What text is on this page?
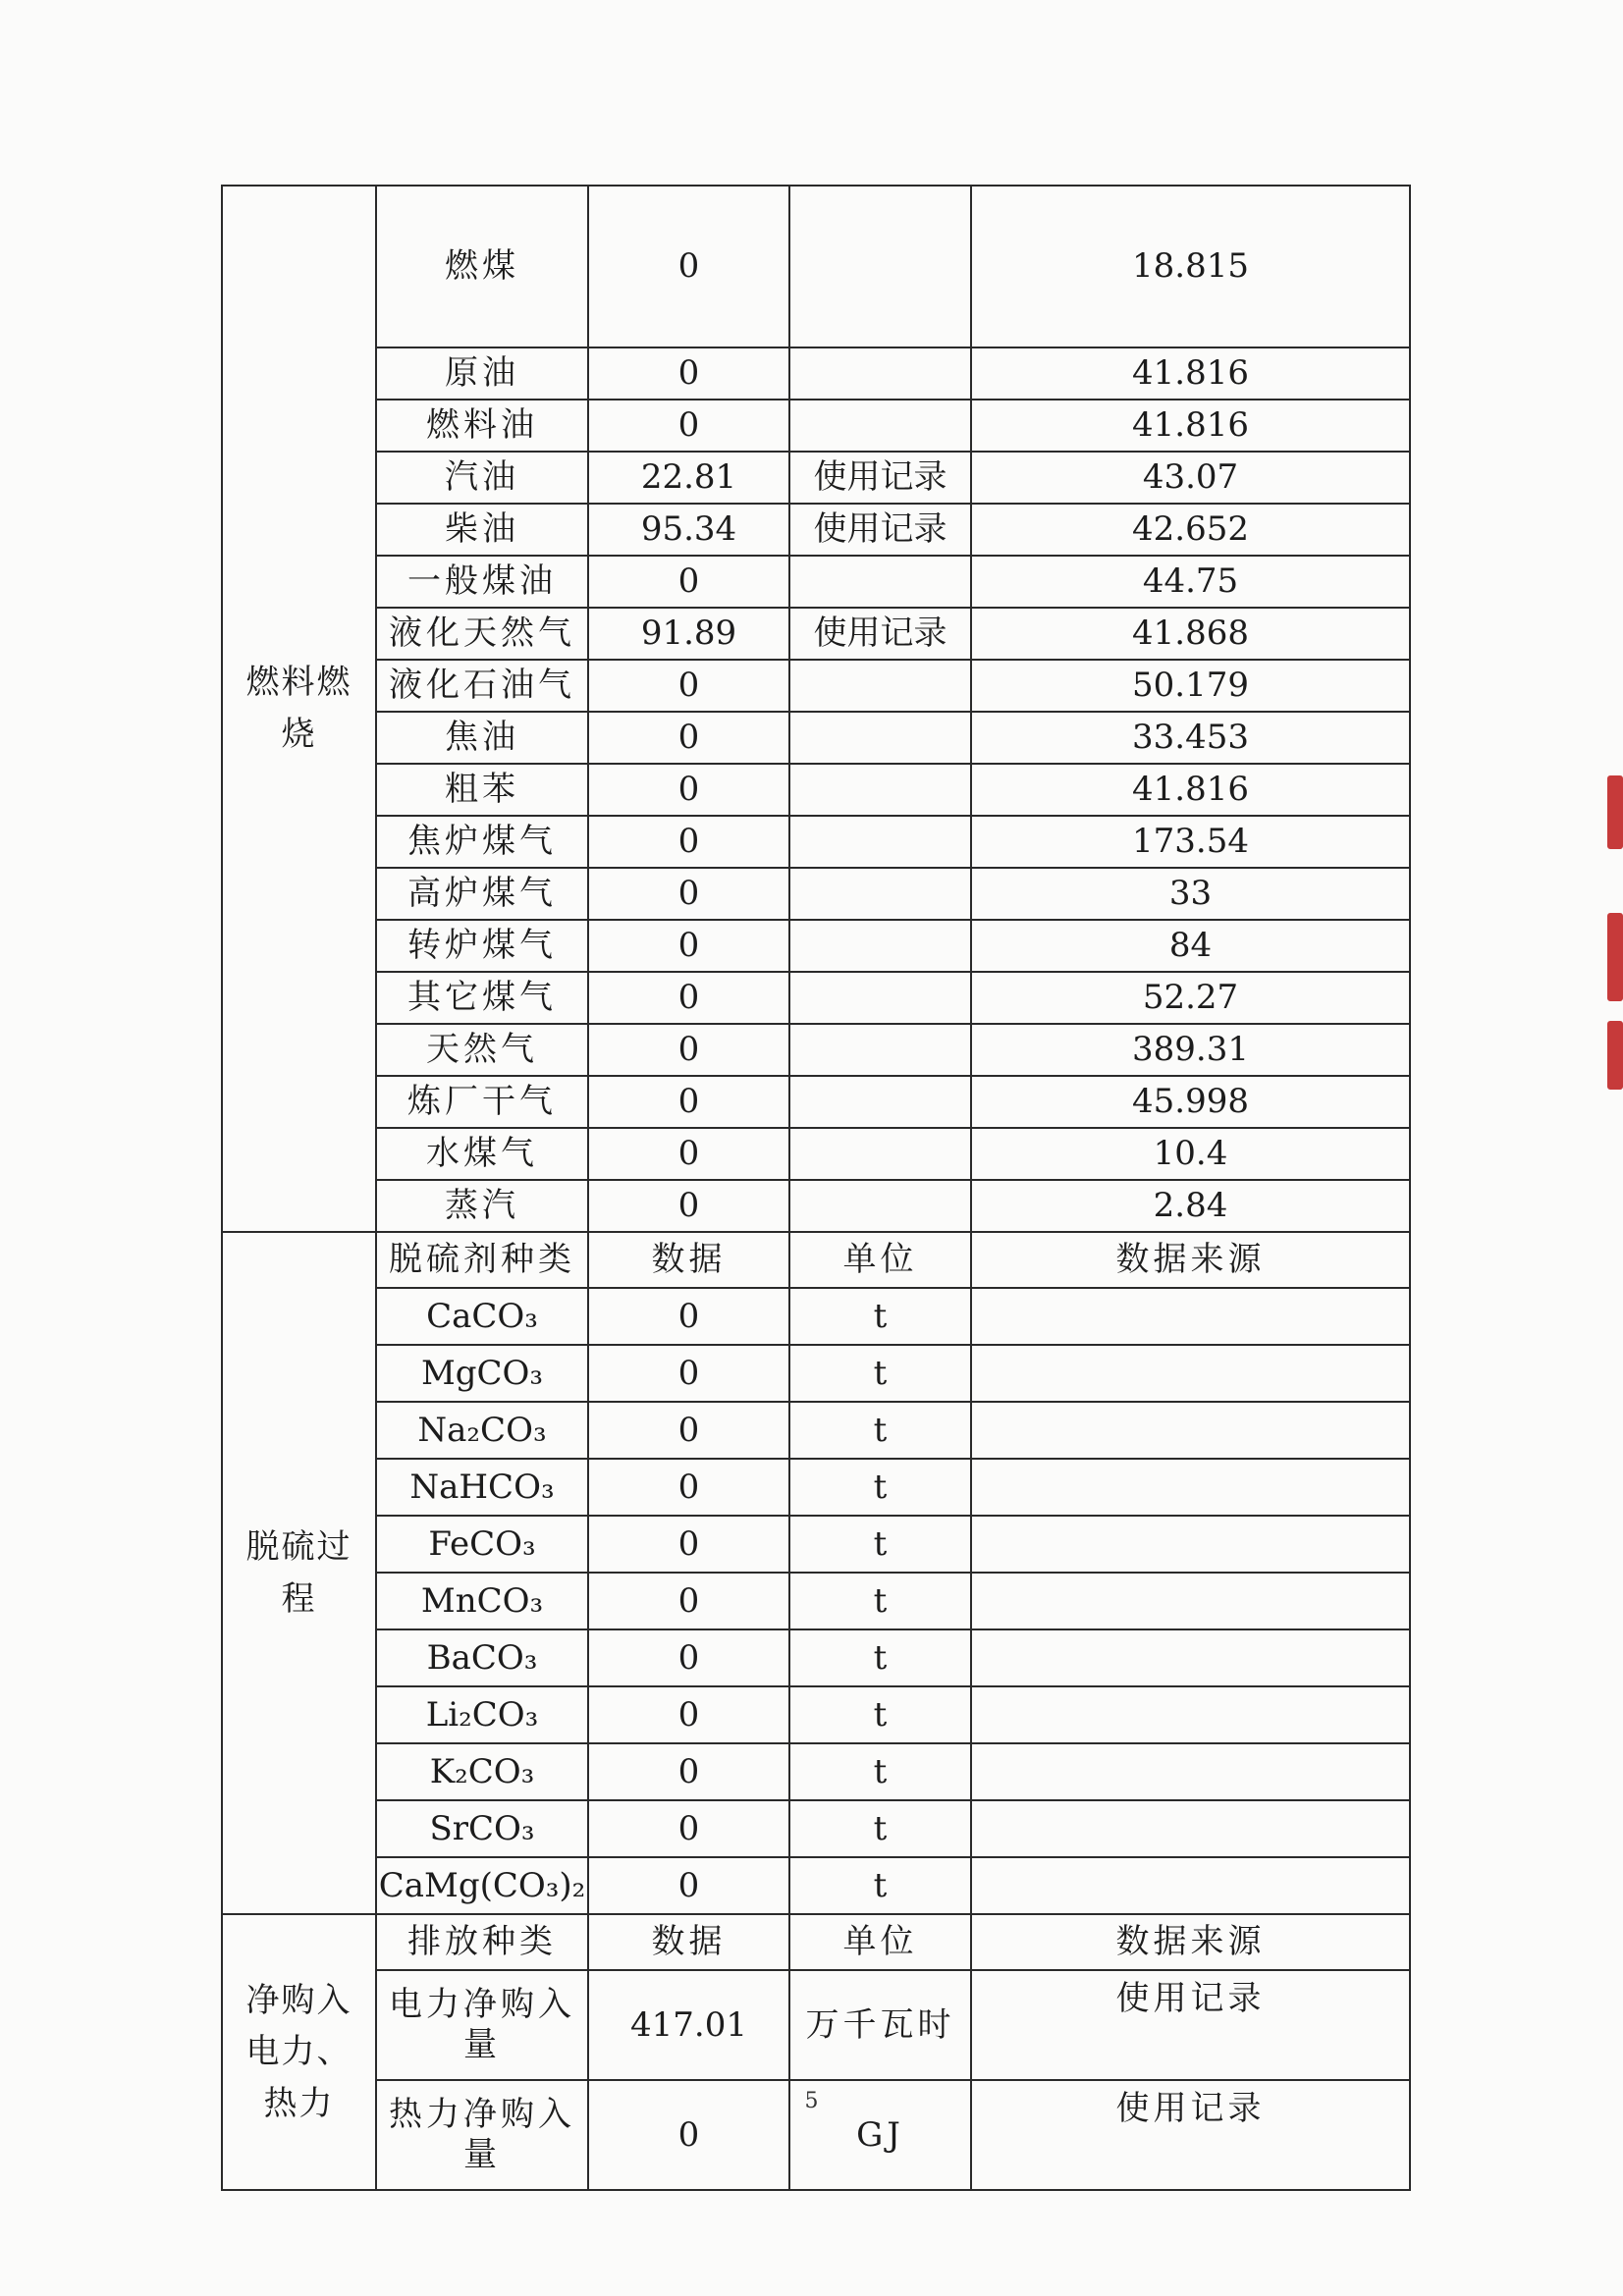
燃料燃
烧	燃煤	0		18.815	
	原油	0		41.816	
	燃料油	0		41.816	
	汽油	22.81	使用记录	43.07	
	柴油	95.34	使用记录	42.652	
	一般煤油	0		44.75	
	液化天然气	91.89	使用记录	41.868	
	液化石油气	0		50.179	
	焦油	0		33.453	
	粗苯	0		41.816	
	焦炉煤气	0		173.54	
	高炉煤气	0		33	
	转炉煤气	0		84	
	其它煤气	0		52.27	
	天然气	0		389.31	
	炼厂干气	0		45.998	
	水煤气	0		10.4	
	蒸汽	0		2.84	

脱硫过
程	脱硫剂种类	数据	单位	数据来源	
	CaCO₃	0	t		
	MgCO₃	0	t		
	Na₂CO₃	0	t		
	NaHCO₃	0	t		
	FeCO₃	0	t		
	MnCO₃	0	t		
	BaCO₃	0	t		
	Li₂CO₃	0	t		
	K₂CO₃	0	t		
	SrCO₃	0	t		
	CaMg(CO₃)₂	0	t		

净购入
电力、
热力	排放种类	数据	单位	数据来源	
	电力净购入量	417.01	万千瓦时	使用记录	
	热力净购入量	0	GJ	使用记录	
5
